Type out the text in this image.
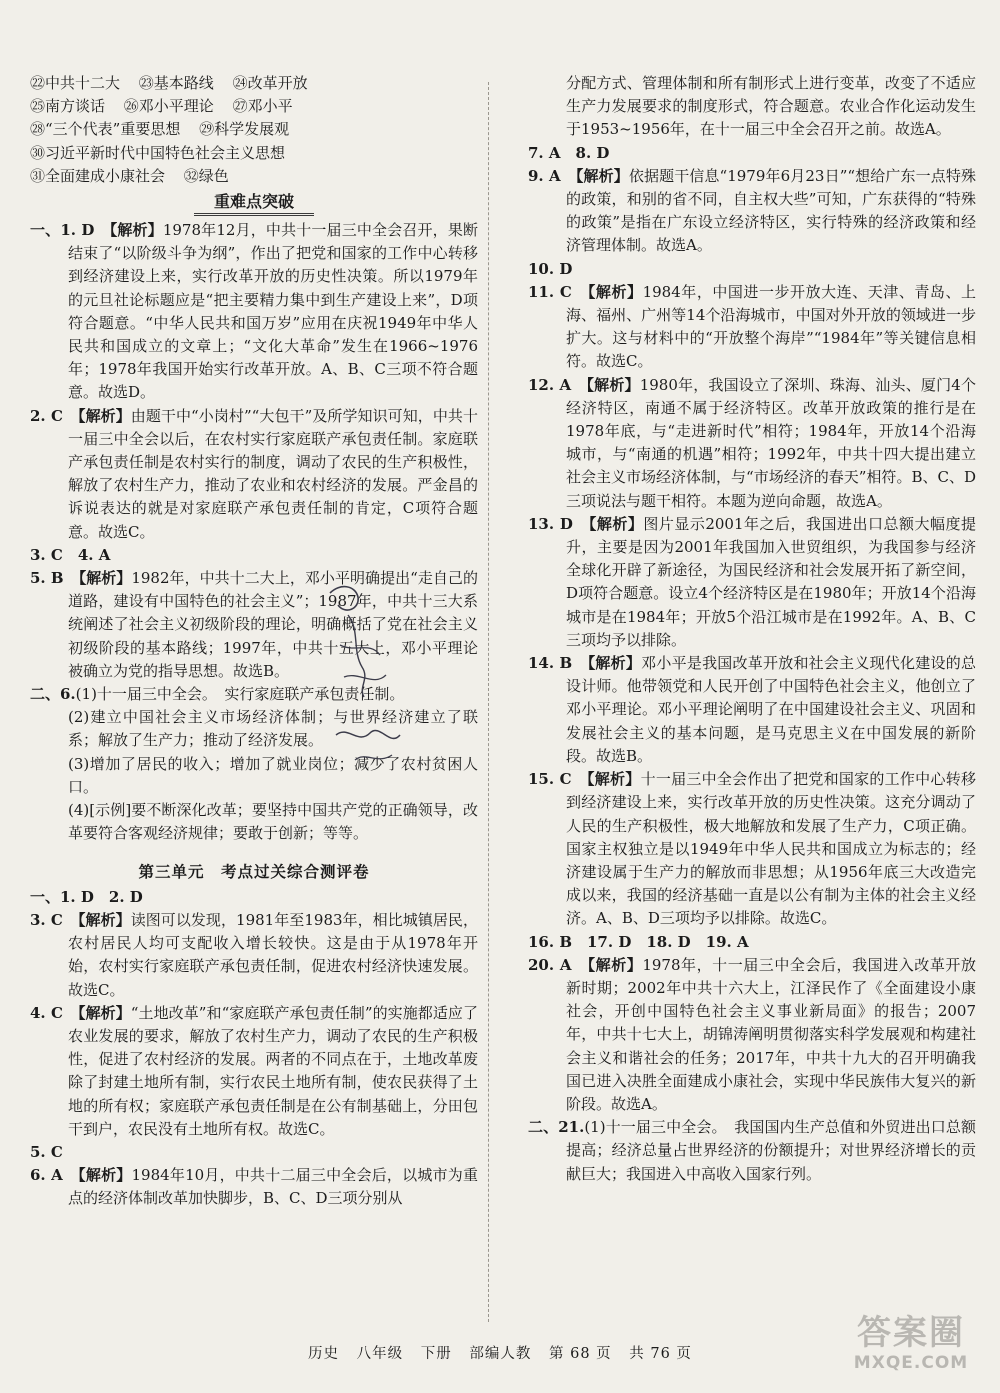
㉒中共十二大 ㉓基本路线 ㉔改革开放
㉕南方谈话 ㉖邓小平理论 ㉗邓小平
㉘“三个代表”重要思想 ㉙科学发展观
㉚习近平新时代中国特色社会主义思想
㉛全面建成小康社会 ㉜绿色
重难点突破
一、1. D　 【解析】1978年12月，中共十一届三中全会召开，果断结束了“以阶级斗争为纲”，作出了把党和国家的工作中心转移到经济建设上来，实行改革开放的历史性决策。所以1979年的元旦社论标题应是“把主要精力集中到生产建设上来”，D项符合题意。“中华人民共和国万岁”应用在庆祝1949年中华人民共和国成立的文章上；“文化大革命”发生在1966~1976年；1978年我国开始实行改革开放。A、B、C三项不符合题意。故选D。
2. C　 【解析】由题干中“小岗村”“大包干”及所学知识可知，中共十一届三中全会以后，在农村实行家庭联产承包责任制。家庭联产承包责任制是农村实行的制度，调动了农民的生产积极性，解放了农村生产力，推动了农业和农村经济的发展。严金昌的诉说表达的就是对家庭联产承包责任制的肯定，C项符合题意。故选C。
3. C　4. A
5. B　 【解析】1982年，中共十二大上，邓小平明确提出“走自己的道路，建设有中国特色的社会主义”；1987年，中共十三大系统阐述了社会主义初级阶段的理论，明确概括了党在社会主义初级阶段的基本路线；1997年，中共十五大上，邓小平理论被确立为党的指导思想。故选B。
二、6.(1)十一届三中全会。　实行家庭联产承包责任制。
(2)建立中国社会主义市场经济体制；与世界经济建立了联系；解放了生产力；推动了经济发展。
(3)增加了居民的收入；增加了就业岗位；减少了农村贫困人口。
(4)[示例]要不断深化改革；要坚持中国共产党的正确领导，改革要符合客观经济规律；要敢于创新；等等。
第三单元　考点过关综合测评卷
一、1. D　2. D
3. C　 【解析】读图可以发现，1981年至1983年，相比城镇居民，农村居民人均可支配收入增长较快。这是由于从1978年开始，农村实行家庭联产承包责任制，促进农村经济快速发展。故选C。
4. C　 【解析】“土地改革”和“家庭联产承包责任制”的实施都适应了农业发展的要求，解放了农村生产力，调动了农民的生产积极性，促进了农村经济的发展。两者的不同点在于，土地改革废除了封建土地所有制，实行农民土地所有制，使农民获得了土地的所有权；家庭联产承包责任制是在公有制基础上，分田包干到户，农民没有土地所有权。故选C。
5. C
6. A　 【解析】1984年10月，中共十二届三中全会后，以城市为重点的经济体制改革加快脚步，B、C、D三项分别从
分配方式、管理体制和所有制形式上进行变革，改变了不适应生产力发展要求的制度形式，符合题意。农业合作化运动发生于1953~1956年，在十一届三中全会召开之前。故选A。
7. A　8. D
9. A　 【解析】依据题干信息“1979年6月23日”“想给广东一点特殊的政策，和别的省不同，自主权大些”可知，广东获得的“特殊的政策”是指在广东设立经济特区，实行特殊的经济政策和经济管理体制。故选A。
10. D
11. C　 【解析】1984年，中国进一步开放大连、天津、青岛、上海、福州、广州等14个沿海城市，中国对外开放的领域进一步扩大。这与材料中的“开放整个海岸”“1984年”等关键信息相符。故选C。
12. A　 【解析】1980年，我国设立了深圳、珠海、汕头、厦门4个经济特区，南通不属于经济特区。改革开放政策的推行是在1978年底，与“走进新时代”相符；1984年，开放14个沿海城市，与“南通的机遇”相符；1992年，中共十四大提出建立社会主义市场经济体制，与“市场经济的春天”相符。B、C、D三项说法与题干相符。本题为逆向命题，故选A。
13. D　 【解析】图片显示2001年之后，我国进出口总额大幅度提升，主要是因为2001年我国加入世贸组织，为我国参与经济全球化开辟了新途径，为国民经济和社会发展开拓了新空间，D项符合题意。设立4个经济特区是在1980年；开放14个沿海城市是在1984年；开放5个沿江城市是在1992年。A、B、C三项均予以排除。
14. B　 【解析】邓小平是我国改革开放和社会主义现代化建设的总设计师。他带领党和人民开创了中国特色社会主义，他创立了邓小平理论。邓小平理论阐明了在中国建设社会主义、巩固和发展社会主义的基本问题，是马克思主义在中国发展的新阶段。故选B。
15. C　 【解析】十一届三中全会作出了把党和国家的工作中心转移到经济建设上来，实行改革开放的历史性决策。这充分调动了人民的生产积极性，极大地解放和发展了生产力，C项正确。国家主权独立是以1949年中华人民共和国成立为标志的；经济建设属于生产力的解放而非思想；从1956年底三大改造完成以来，我国的经济基础一直是以公有制为主体的社会主义经济。A、B、D三项均予以排除。故选C。
16. B　17. D　18. D　19. A
20. A　 【解析】1978年，十一届三中全会后，我国进入改革开放新时期；2002年中共十六大上，江泽民作了《全面建设小康社会，开创中国特色社会主义事业新局面》的报告；2007年，中共十七大上，胡锦涛阐明贯彻落实科学发展观和构建社会主义和谐社会的任务；2017年，中共十九大的召开明确我国已进入决胜全面建成小康社会，实现中华民族伟大复兴的新阶段。故选A。
二、21.(1)十一届三中全会。　我国国内生产总值和外贸进出口总额提高；经济总量占世界经济的份额提升；对世界经济增长的贡献巨大；我国进入中高收入国家行列。
历史 八年级 下册 部编人教 第 68 页 共 76 页
答案圈
MXQE.COM
